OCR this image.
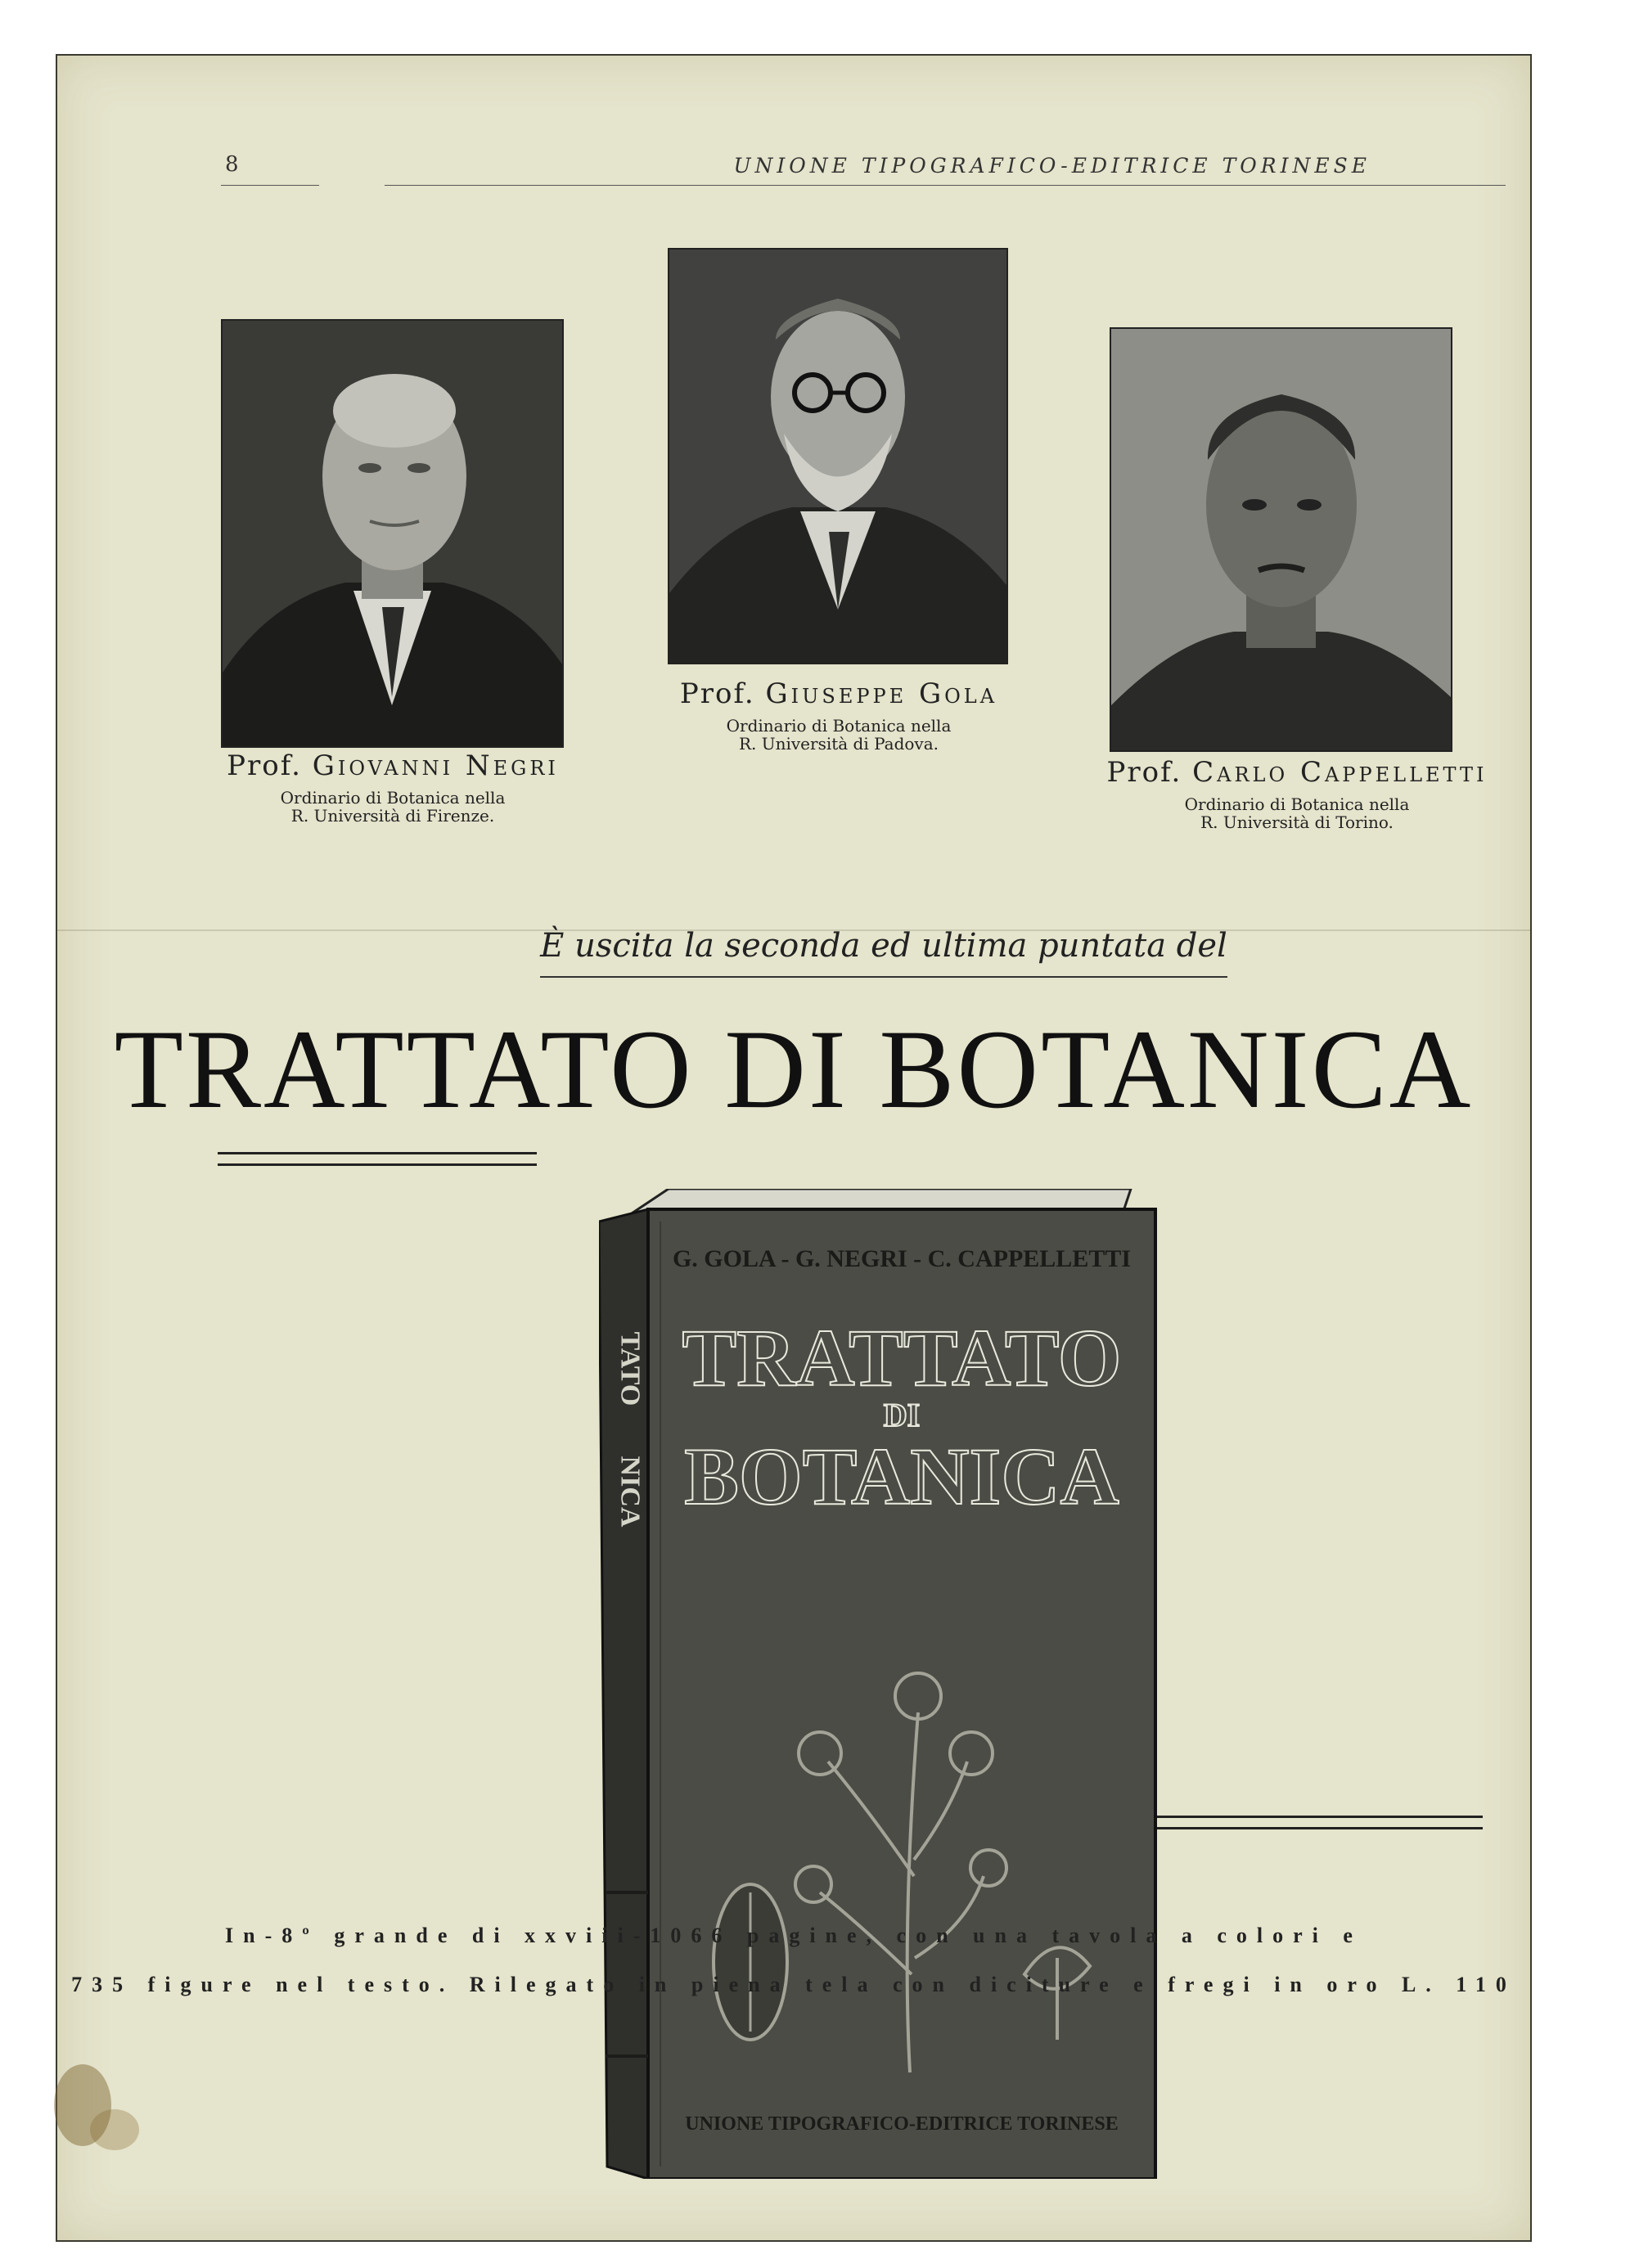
8	UNIONE TIPOGRAFICO-EDITRICE TORINESE
Prof. Giovanni Negri
Ordinario di Botanica nella
R. Università di Firenze.
Prof. Giuseppe Gola
Ordinario di Botanica nella
R. Università di Padova.
Prof. Carlo Cappelletti
Ordinario di Botanica nella
R. Università di Torino.
È uscita la seconda ed ultima puntata del
TRATTATO DI BOTANICA
G. GOLA - G. NEGRI - C. CAPPELLETTI
TRATTATO
DI
BOTANICA
UNIONE TIPOGRAFICO-EDITRICE TORINESE
TATO
NICA
In-8º grande di xxviii-1066 pagine, con una tavola a colori e
735 figure nel testo. Rilegato in piena tela con diciture e fregi in oro L. 110
